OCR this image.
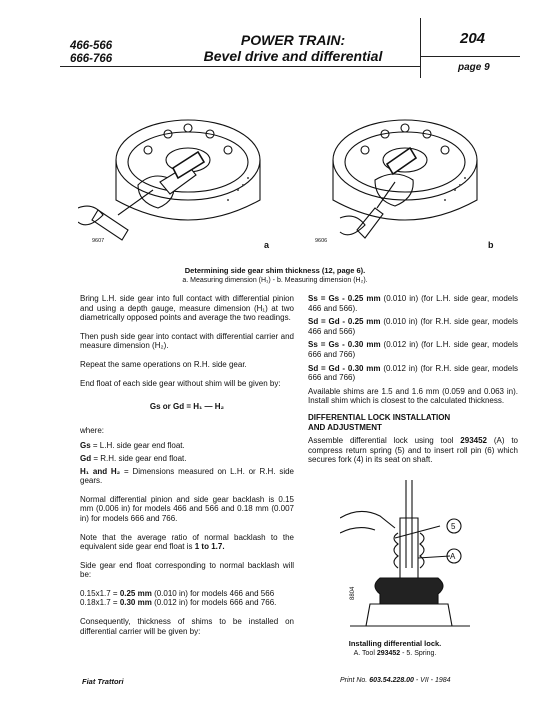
466-566
666-766
POWER TRAIN:
Bevel drive and differential
204
page 9
9607	a	9606	b
Determining side gear shim thickness (12, page 6).
a. Measuring dimension (H₁) - b. Measuring dimension (H₂).

Bring L.H. side gear into full contact with differential pinion and using a depth gauge, measure dimension (H₁) at two diametrically opposed points and average the two readings.

Then push side gear into contact with differential carrier and measure dimension (H₂).

Repeat the same operations on R.H. side gear.

End float of each side gear without shim will be given by:

Gs or Gd = H₁ — H₂

where:

Gs = L.H. side gear end float.

Gd = R.H. side gear end float.

H₁ and H₂ = Dimensions measured on L.H. or R.H. side gears.

Normal differential pinion and side gear backlash is 0.15 mm (0.006 in) for models 466 and 566 and 0.18 mm (0.007 in) for models 666 and 766.

Note that the average ratio of normal backlash to the equivalent side gear end float is 1 to 1.7.

Side gear end float corresponding to normal backlash will be:

0.15x1.7 = 0.25 mm (0.010 in) for models 466 and 566

0.18x1.7 = 0.30 mm (0.012 in) for models 666 and 766.

Consequently, thickness of shims to be installed on differential carrier will be given by:

Ss = Gs - 0.25 mm (0.010 in) (for L.H. side gear, models 466 and 566).

Sd = Gd - 0.25 mm (0.010 in) (for R.H. side gear, models 466 and 566)

Ss = Gs - 0.30 mm (0.012 in) (for L.H. side gear, models 666 and 766)

Sd = Gd - 0.30 mm (0.012 in) (for R.H. side gear, models 666 and 766)

Available shims are 1.5 and 1.6 mm (0.059 and 0.063 in). Install shim which is closest to the calculated thickness.

DIFFERENTIAL LOCK INSTALLATION
AND ADJUSTMENT

Assemble differential lock using tool 293452 (A) to compress return spring (5) and to insert roll pin (6) which secures fork (4) in its seat on shaft.

5
A
8804
Installing differential lock.
A. Tool 293452 - 5. Spring.
Fiat Trattori	Print No. 603.54.228.00 - VII - 1984
